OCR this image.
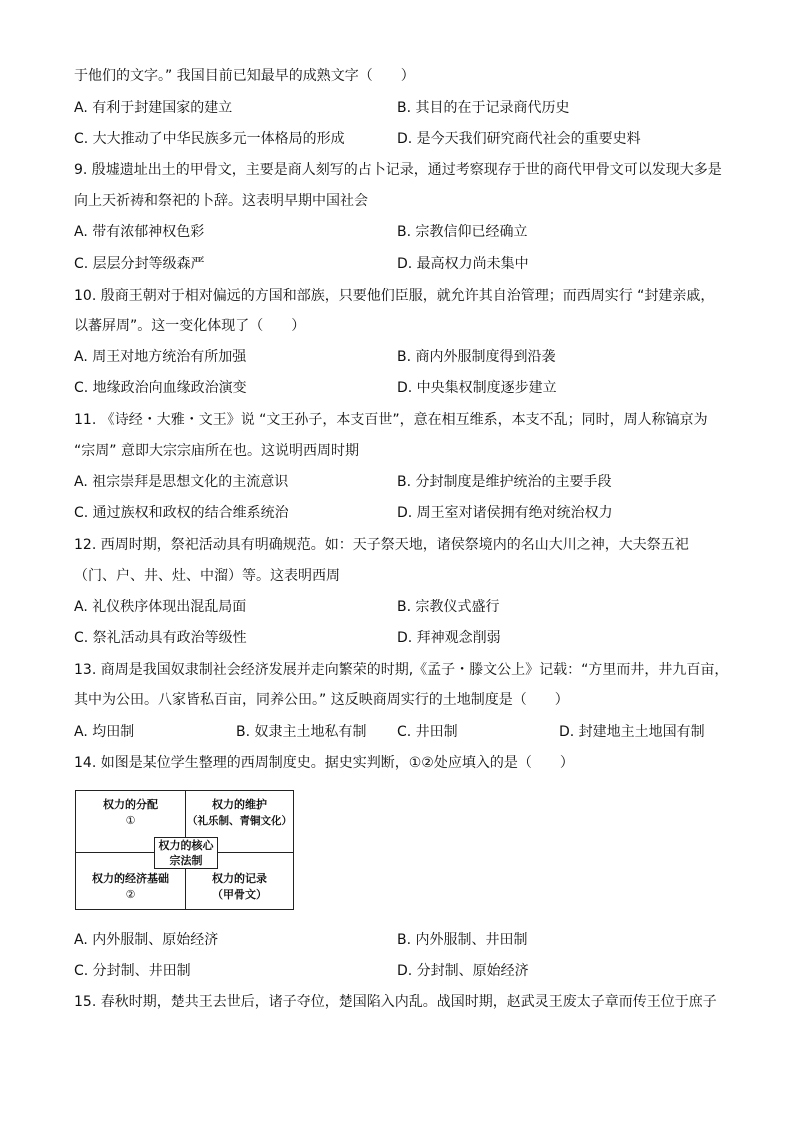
于他们的文字。” 我国目前已知最早的成熟文字（　　）
A. 有利于封建国家的建立	B. 其目的在于记录商代历史
C. 大大推动了中华民族多元一体格局的形成	D. 是今天我们研究商代社会的重要史料
9. 殷墟遗址出土的甲骨文，主要是商人刻写的占卜记录，通过考察现存于世的商代甲骨文可以发现大多是
向上天祈祷和祭祀的卜辞。这表明早期中国社会
A. 带有浓郁神权色彩	B. 宗教信仰已经确立
C. 层层分封等级森严	D. 最高权力尚未集中
10. 殷商王朝对于相对偏远的方国和部族，只要他们臣服，就允许其自治管理；而西周实行 “封建亲戚，
以蕃屏周”。这一变化体现了（　　）
A. 周王对地方统治有所加强	B. 商内外服制度得到沿袭
C. 地缘政治向血缘政治演变	D. 中央集权制度逐步建立
11. 《诗经・大雅・文王》说 “文王孙子，本支百世”，意在相互维系，本支不乱；同时，周人称镐京为
“宗周” 意即大宗宗庙所在也。这说明西周时期
A. 祖宗崇拜是思想文化的主流意识	B. 分封制度是维护统治的主要手段
C. 通过族权和政权的结合维系统治	D. 周王室对诸侯拥有绝对统治权力
12. 西周时期，祭祀活动具有明确规范。如：天子祭天地，诸侯祭境内的名山大川之神，大夫祭五祀
（门、户、井、灶、中溜）等。这表明西周
A. 礼仪秩序体现出混乱局面	B. 宗教仪式盛行
C. 祭礼活动具有政治等级性	D. 拜神观念削弱
13. 商周是我国奴隶制社会经济发展并走向繁荣的时期,《孟子・滕文公上》记载：“方里而井，井九百亩，
其中为公田。八家皆私百亩，同养公田。” 这反映商周实行的土地制度是（　　）
A. 均田制	B. 奴隶主土地私有制 C. 井田制	D. 封建地主土地国有制
14. 如图是某位学生整理的西周制度史。据史实判断，①②处应填入的是（　　）
权力的分配
①
权力的维护
（礼乐制、青铜文化）
权力的经济基础
②
权力的记录
（甲骨文）
权力的核心
宗法制
A. 内外服制、原始经济	B. 内外服制、井田制
C. 分封制、井田制	D. 分封制、原始经济
15. 春秋时期，楚共王去世后，诸子夺位，楚国陷入内乱。战国时期，赵武灵王废太子章而传王位于庶子
